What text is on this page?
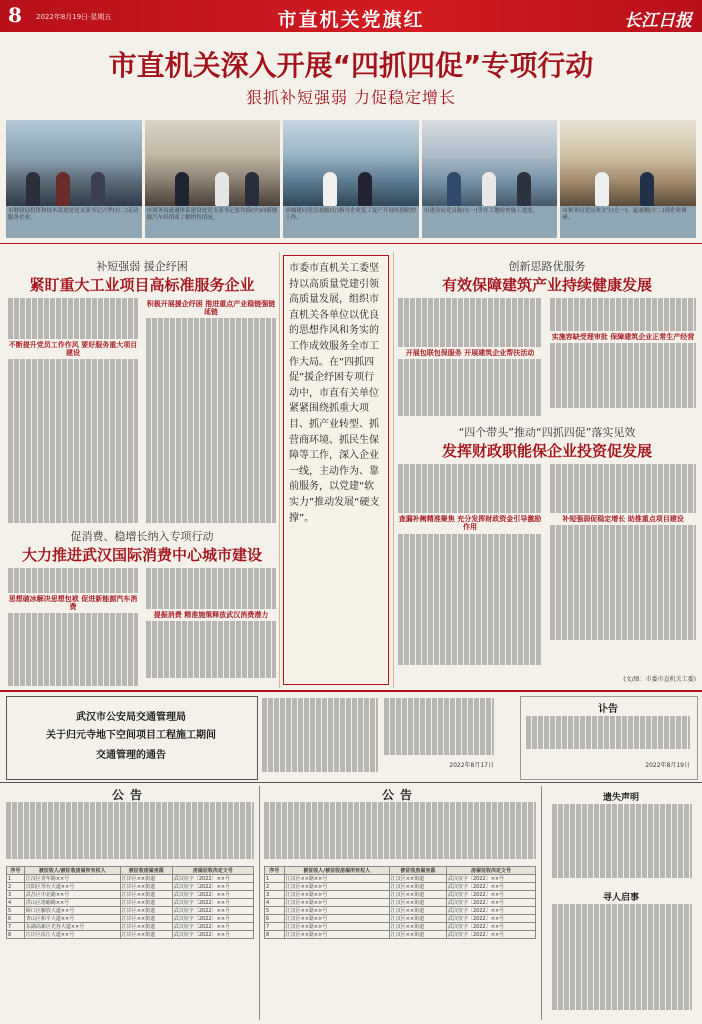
8 2022年8月19日·星期五	市直机关党旗红	长江日报
市直机关深入开展“四抓四促”专项行动
狠抓补短强弱 力促稳定增长
市财政局投资和技术改造处党支部书记兴华(右二)走访服务企业。
市商务局流通体系建设处党支部书记张均海(中)向新能源汽车经销商了解销售情况。
市城建局党员刘霞(右)指导企业复工复产开展疫情防控工作。
市建设局党员陈(右一)等在工地检查施工进度。	市税务局党员朱文生(左一)、夏丽刚(左二)到企业调研。
补短强弱 援企纾困
紧盯重大工业项目高标准服务企业
不断提升党员工作作风 要好服务重大项目建设
积极开展援企纾困 推进重点产业稳链强链延链
促消费、稳增长纳入专项行动
大力推进武汉国际消费中心城市建设
思想破冰解决思想包袱 促进新能源汽车消费
提振消费 精准施策释放武汉消费潜力
市委市直机关工委坚持以高质量党建引领高质量发展，组织市直机关各单位以优良的思想作风和务实的工作成效服务全市工作大局。在“四抓四促”援企纾困专项行动中，市直有关单位紧紧围绕抓重大项目、抓产业转型、抓营商环境、抓民生保障等工作，深入企业一线，主动作为、靠前服务，以党建“软实力”推动发展“硬支撑”。
创新思路优服务
有效保障建筑产业持续健康发展
开展包联包保服务 开展建筑企业帮扶活动
实施容缺受理审批 保障建筑企业正常生产经营
“四个带头”推动“四抓四促”落实见效
发挥财政职能保企业投资促发展
查漏补阙精准聚焦 充分发挥财政资金引导激励作用
补短强弱促稳定增长 助推重点项目建设
(文/图：市委市直机关工委)
武汉市公安局交通管理局
关于归元寺地下空间项目工程施工期间
交通管理的通告
2022年8月17日
讣告
2022年8月19日
公告
序号	被征收人/被征收房屋所有权人	被征收房屋坐落	房屋征收决定文号
1	江汉区青年路××号	江岸区××街道	武汉征字〔2022〕××号
2	汉阳区琴台大道××号	江岸区××街道	武汉征字〔2022〕××号
3	武昌区中北路××号	江岸区××街道	武汉征字〔2022〕××号
4	洪山区珞喻路××号	江岸区××街道	武汉征字〔2022〕××号
5	硚口区解放大道××号	江岸区××街道	武汉征字〔2022〕××号
6	青山区和平大道××号	江岸区××街道	武汉征字〔2022〕××号
7	东湖高新区光谷大道××号	江岸区××街道	武汉征字〔2022〕××号
8	江岸区沿江大道××号	江岸区××街道	武汉征字〔2022〕××号
公告
序号	被征收人/被征收房屋所有权人	被征收房屋坐落	房屋征收决定文号
1	江汉区××路××号	江汉区××街道	武汉征字〔2022〕××号
2	江汉区××路××号	江汉区××街道	武汉征字〔2022〕××号
3	江汉区××路××号	江汉区××街道	武汉征字〔2022〕××号
4	江汉区××路××号	江汉区××街道	武汉征字〔2022〕××号
5	江汉区××路××号	江汉区××街道	武汉征字〔2022〕××号
6	江汉区××路××号	江汉区××街道	武汉征字〔2022〕××号
7	江汉区××路××号	江汉区××街道	武汉征字〔2022〕××号
8	江汉区××路××号	江汉区××街道	武汉征字〔2022〕××号
遗失声明
寻人启事
